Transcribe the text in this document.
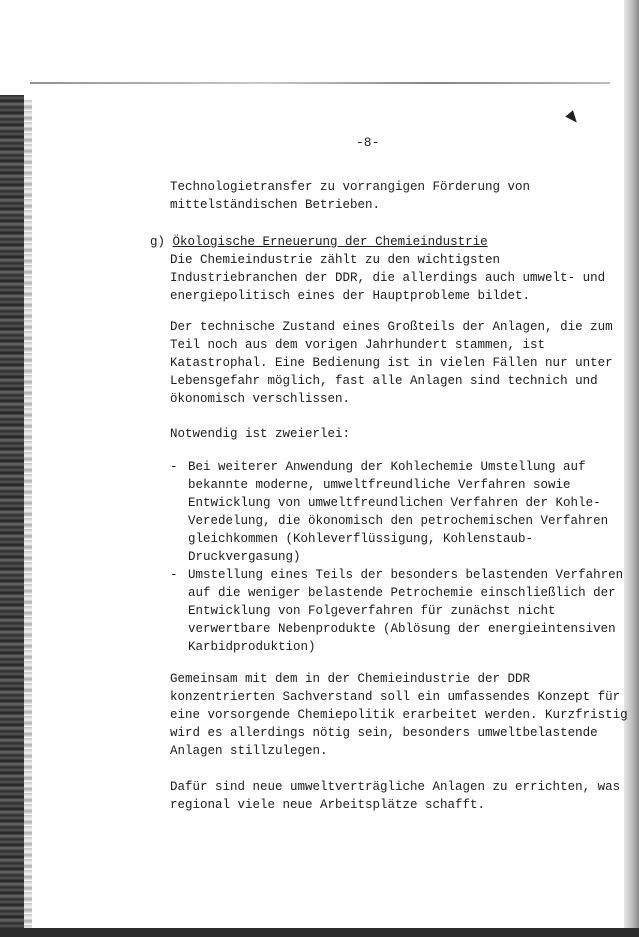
-8-
Technologietransfer zu vorrangigen Förderung von
mittelständischen Betrieben.
g) Ökologische Erneuerung der Chemieindustrie
Die Chemieindustrie zählt zu den wichtigsten
Industriebranchen der DDR, die allerdings auch umwelt- und
energiepolitisch eines der Hauptprobleme bildet.
Der technische Zustand eines Großteils der Anlagen, die zum
Teil noch aus dem vorigen Jahrhundert stammen, ist
Katastrophal. Eine Bedienung ist in vielen Fällen nur unter
Lebensgefahr möglich, fast alle Anlagen sind technich und
ökonomisch verschlissen.
Notwendig ist zweierlei:
- Bei weiterer Anwendung der Kohlechemie Umstellung auf
bekannte moderne, umweltfreundliche Verfahren sowie
Entwicklung von umweltfreundlichen Verfahren der Kohle-
Veredelung, die ökonomisch den petrochemischen Verfahren
gleichkommen (Kohleverflüssigung, Kohlenstaub-
Druckvergasung)
- Umstellung eines Teils der besonders belastenden Verfahren
auf die weniger belastende Petrochemie einschließlich der
Entwicklung von Folgeverfahren für zunächst nicht
verwertbare Nebenprodukte (Ablösung der energieintensiven
Karbidproduktion)
Gemeinsam mit dem in der Chemieindustrie der DDR
konzentrierten Sachverstand soll ein umfassendes Konzept für
eine vorsorgende Chemiepolitik erarbeitet werden. Kurzfristig
wird es allerdings nötig sein, besonders umweltbelastende
Anlagen stillzulegen.
Dafür sind neue umweltverträgliche Anlagen zu errichten, was
regional viele neue Arbeitsplätze schafft.
